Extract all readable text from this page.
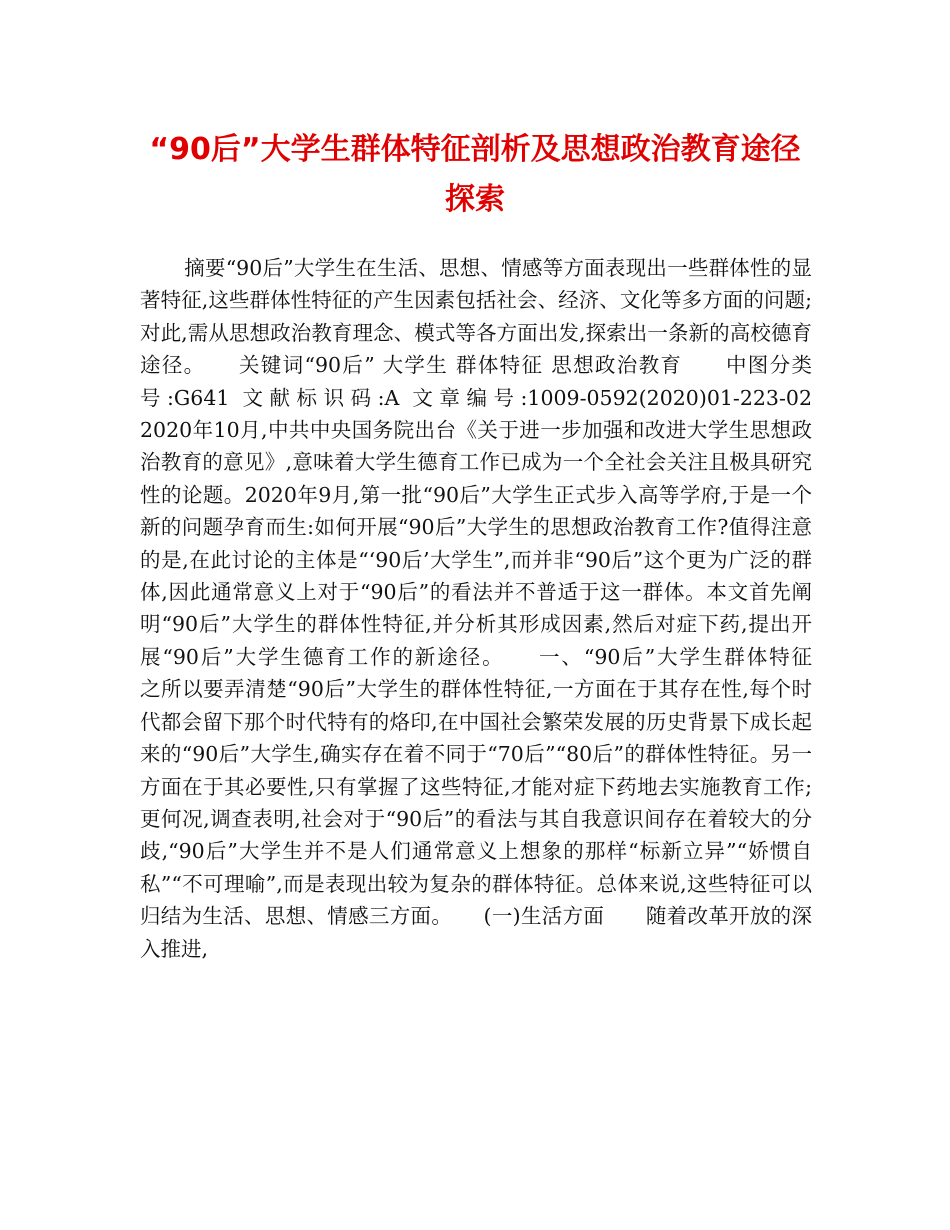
“90后”大学生群体特征剖析及思想政治教育途径探索

摘要“90后”大学生在生活、思想、情感等方面表现出一些群体性的显著特征,这些群体性特征的产生因素包括社会、经济、文化等多方面的问题;对此,需从思想政治教育理念、模式等各方面出发,探索出一条新的高校德育途径。　　关键词“90后” 大学生 群体特征 思想政治教育　　中图分类号:G641 文献标识码:A 文章编号:1009-0592(2020)01-223-02　　　2020年10月,中共中央国务院出台《关于进一步加强和改进大学生思想政治教育的意见》,意味着大学生德育工作已成为一个全社会关注且极具研究性的论题。2020年9月,第一批“90后”大学生正式步入高等学府,于是一个新的问题孕育而生:如何开展“90后”大学生的思想政治教育工作?值得注意的是,在此讨论的主体是“‘90后’大学生”,而并非“90后”这个更为广泛的群体,因此通常意义上对于“90后”的看法并不普适于这一群体。本文首先阐明“90后”大学生的群体性特征,并分析其形成因素,然后对症下药,提出开展“90后”大学生德育工作的新途径。　　一、“90后”大学生群体特征　　之所以要弄清楚“90后”大学生的群体性特征,一方面在于其存在性,每个时代都会留下那个时代特有的烙印,在中国社会繁荣发展的历史背景下成长起来的“90后”大学生,确实存在着不同于“70后”“80后”的群体性特征。另一方面在于其必要性,只有掌握了这些特征,才能对症下药地去实施教育工作;更何况,调查表明,社会对于“90后”的看法与其自我意识间存在着较大的分歧,“90后”大学生并不是人们通常意义上想象的那样“标新立异”“娇惯自私”“不可理喻”,而是表现出较为复杂的群体特征。总体来说,这些特征可以归结为生活、思想、情感三方面。　　(一)生活方面　　随着改革开放的深入推进,
